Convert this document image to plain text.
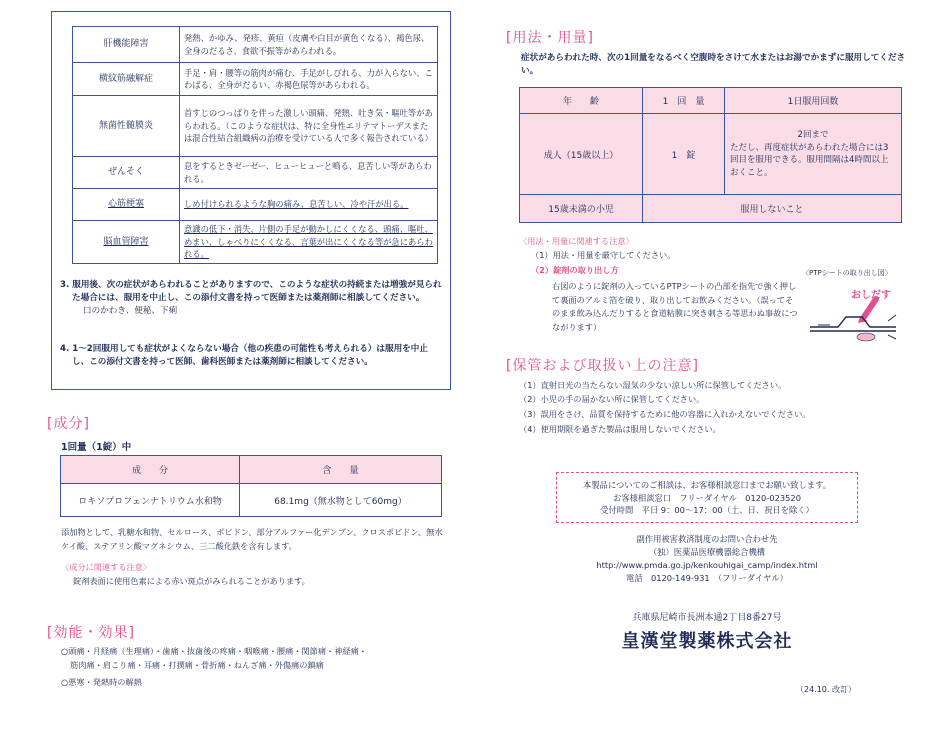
肝機能障害	発熱、かゆみ、発疹、黄疸（皮膚や白目が黄色くなる）、褐色尿、全身のだるさ、食欲不振等があらわれる。
横紋筋融解症	手足・肩・腰等の筋肉が痛む、手足がしびれる、力が入らない、こわばる、全身がだるい、赤褐色尿等があらわれる。
無菌性髄膜炎	首すじのつっぱりを伴った激しい頭痛、発熱、吐き気・嘔吐等があらわれる。（このような症状は、特に全身性エリテマトーデスまたは混合性結合組織病の治療を受けている人で多く報告されている）
ぜんそく	息をするときゼーゼー、ヒューヒューと鳴る、息苦しい等があらわれる。
心筋梗塞	しめ付けられるような胸の痛み、息苦しい、冷や汗が出る。
脳血管障害	意識の低下・消失、片側の手足が動かしにくくなる、頭痛、嘔吐、めまい、しゃべりにくくなる、言葉が出にくくなる等が急にあらわれる。
3. 服用後、次の症状があらわれることがありますので、このような症状の持続または増強が見られた場合には、服用を中止し、この添付文書を持って医師または薬剤師に相談してください。
口のかわき、便秘、下痢
4. 1～2回服用しても症状がよくならない場合（他の疾患の可能性も考えられる）は服用を中止し、この添付文書を持って医師、歯科医師または薬剤師に相談してください。
[成分]
1回量（1錠）中
成　　分	含　　量
ロキソプロフェンナトリウム水和物	68.1mg（無水物として60mg）
添加物として、乳糖水和物、セルロース、ポビドン、部分アルファー化デンプン、クロスポビドン、無水ケイ酸、ステアリン酸マグネシウム、三二酸化鉄を含有します。
〈成分に関連する注意〉
錠剤表面に使用色素による赤い斑点がみられることがあります。
[効能・効果]
○頭痛・月経痛（生理痛）・歯痛・抜歯後の疼痛・咽喉痛・腰痛・関節痛・神経痛・
筋肉痛・肩こり痛・耳痛・打撲痛・骨折痛・ねんざ痛・外傷痛の鎮痛
○悪寒・発熱時の解熱
[用法・用量]
症状があらわれた時、次の1回量をなるべく空腹時をさけて水またはお湯でかまずに服用してください。
年　　齢	1　回　量	1日服用回数
成人（15歳以上）	1　錠	2回まで
ただし、再度症状があらわれた場合には3回目を服用できる。服用間隔は4時間以上おくこと。

15歳未満の小児	服用しないこと	
〈用法・用量に関連する注意〉
（1）用法・用量を厳守してください。
（2）錠剤の取り出し方
右図のように錠剤の入っているPTPシートの凸部を指先で強く押して裏面のアルミ箔を破り、取り出してお飲みください。（誤ってそのまま飲み込んだりすると食道粘膜に突き刺さる等思わぬ事故につながります）
〈PTPシートの取り出し図〉
おしだす
[保管および取扱い上の注意]
（1）直射日光の当たらない湿気の少ない涼しい所に保管してください。
（2）小児の手の届かない所に保管してください。
（3）誤用をさけ、品質を保持するために他の容器に入れかえないでください。
（4）使用期限を過ぎた製品は服用しないでください。
本製品についてのご相談は、お客様相談窓口までお願い致します。
お客様相談窓口　フリーダイヤル　0120-023520
受付時間　平日 9：00～17：00（土、日、祝日を除く）
副作用被害救済制度のお問い合わせ先
（独）医薬品医療機器総合機構
http://www.pmda.go.jp/kenkouhigai_camp/index.html
電話　0120-149-931　（フリーダイヤル）
兵庫県尼崎市長洲本通2丁目8番27号
皇漢堂製薬株式会社
（24.10. 改訂）
